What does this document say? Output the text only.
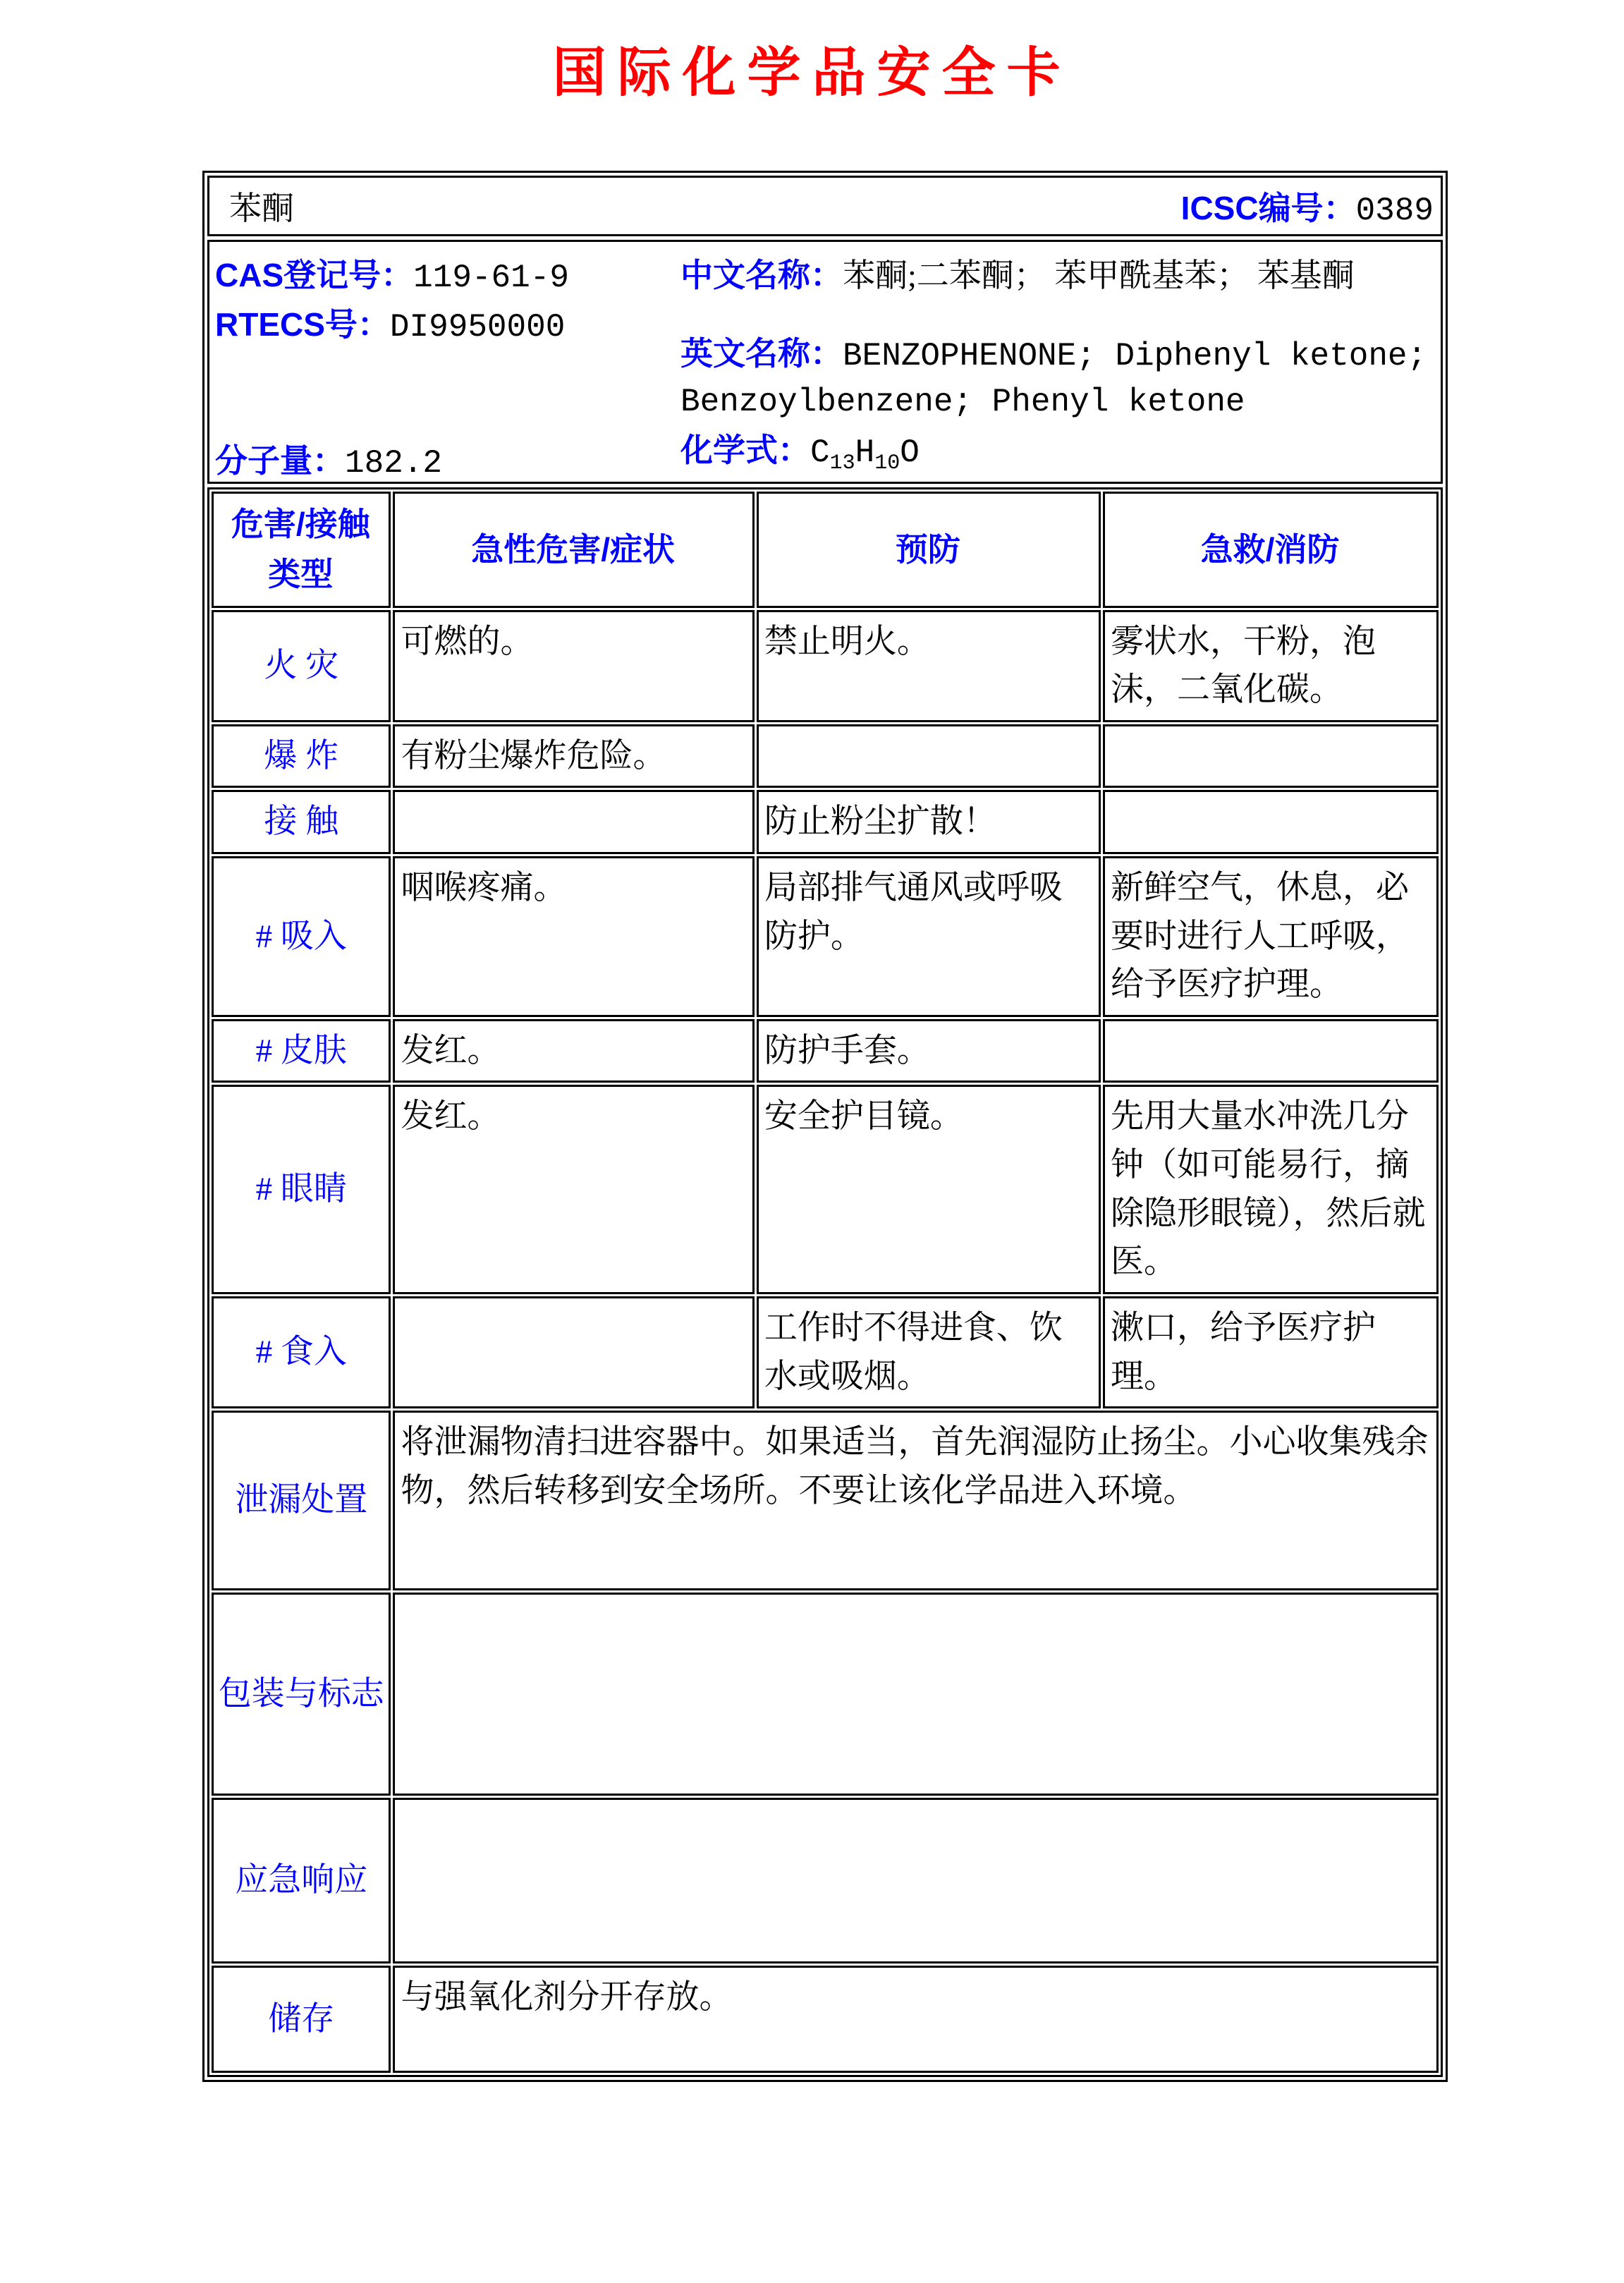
国际化学品安全卡
苯酮	ICSC编号：0389
CAS登记号：119-61-9
RTECS号：DI9950000
中文名称：苯酮;二苯酮； 苯甲酰基苯； 苯基酮
英文名称：BENZOPHENONE; Diphenyl ketone; Benzoylbenzene; Phenyl ketone
分子量：182.2	化学式：$C_{13}H_{10}O$
危害/接触类型	急性危害/症状	预防	急救/消防
火 灾	可燃的。	禁止明火。	雾状水，干粉，泡沫，二氧化碳。
爆 炸	有粉尘爆炸危险。		
接 触		防止粉尘扩散！	
# 吸入	咽喉疼痛。	局部排气通风或呼吸防护。	新鲜空气，休息，必要时进行人工呼吸，给予医疗护理。
# 皮肤	发红。	防护手套。	
# 眼睛	发红。	安全护目镜。	先用大量水冲洗几分钟（如可能易行，摘除隐形眼镜），然后就医。
# 食入		工作时不得进食、饮水或吸烟。	漱口，给予医疗护理。
泄漏处置	将泄漏物清扫进容器中。如果适当，首先润湿防止扬尘。小心收集残余物，然后转移到安全场所。不要让该化学品进入环境。		
包装与标志			
应急响应			
储存	与强氧化剂分开存放。		
